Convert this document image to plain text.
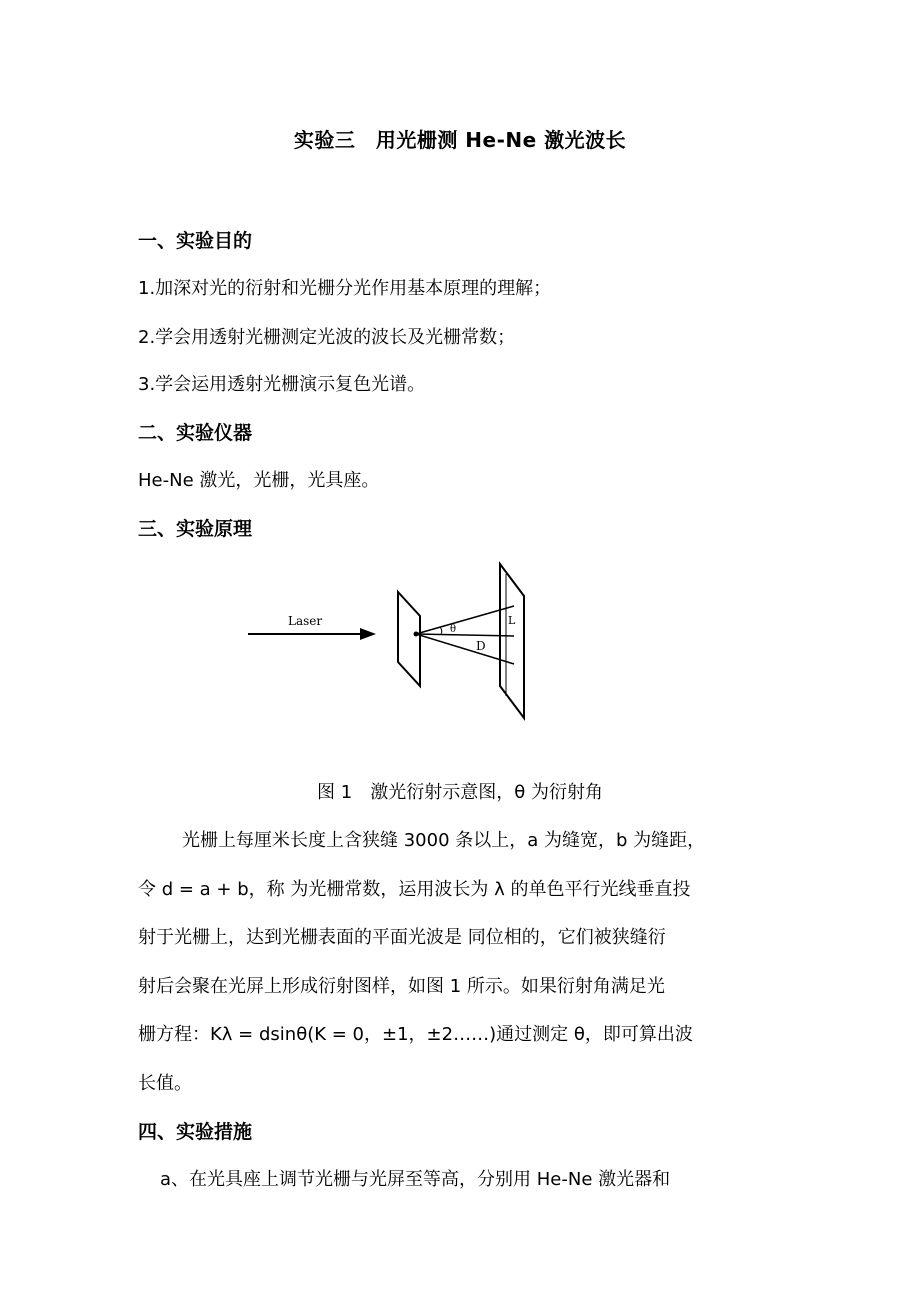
实验三　用光栅测 He-Ne 激光波长
一、实验目的
1.加深对光的衍射和光栅分光作用基本原理的理解；
2.学会用透射光栅测定光波的波长及光栅常数；
3.学会运用透射光栅演示复色光谱。
二、实验仪器
He-Ne 激光，光栅，光具座。
三、实验原理
Laser
θ
D
L
图 1　激光衍射示意图，θ 为衍射角
光栅上每厘米长度上含狭缝 3000 条以上，a 为缝宽，b 为缝距，
令 d = a + b，称 为光栅常数，运用波长为 λ 的单色平行光线垂直投
射于光栅上，达到光栅表面的平面光波是 同位相的，它们被狭缝衍
射后会聚在光屏上形成衍射图样，如图 1 所示。如果衍射角满足光
栅方程：Kλ = dsinθ(K = 0，±1，±2……)通过测定 θ，即可算出波
长值。
四、实验措施
a、在光具座上调节光栅与光屏至等高，分别用 He-Ne 激光器和
